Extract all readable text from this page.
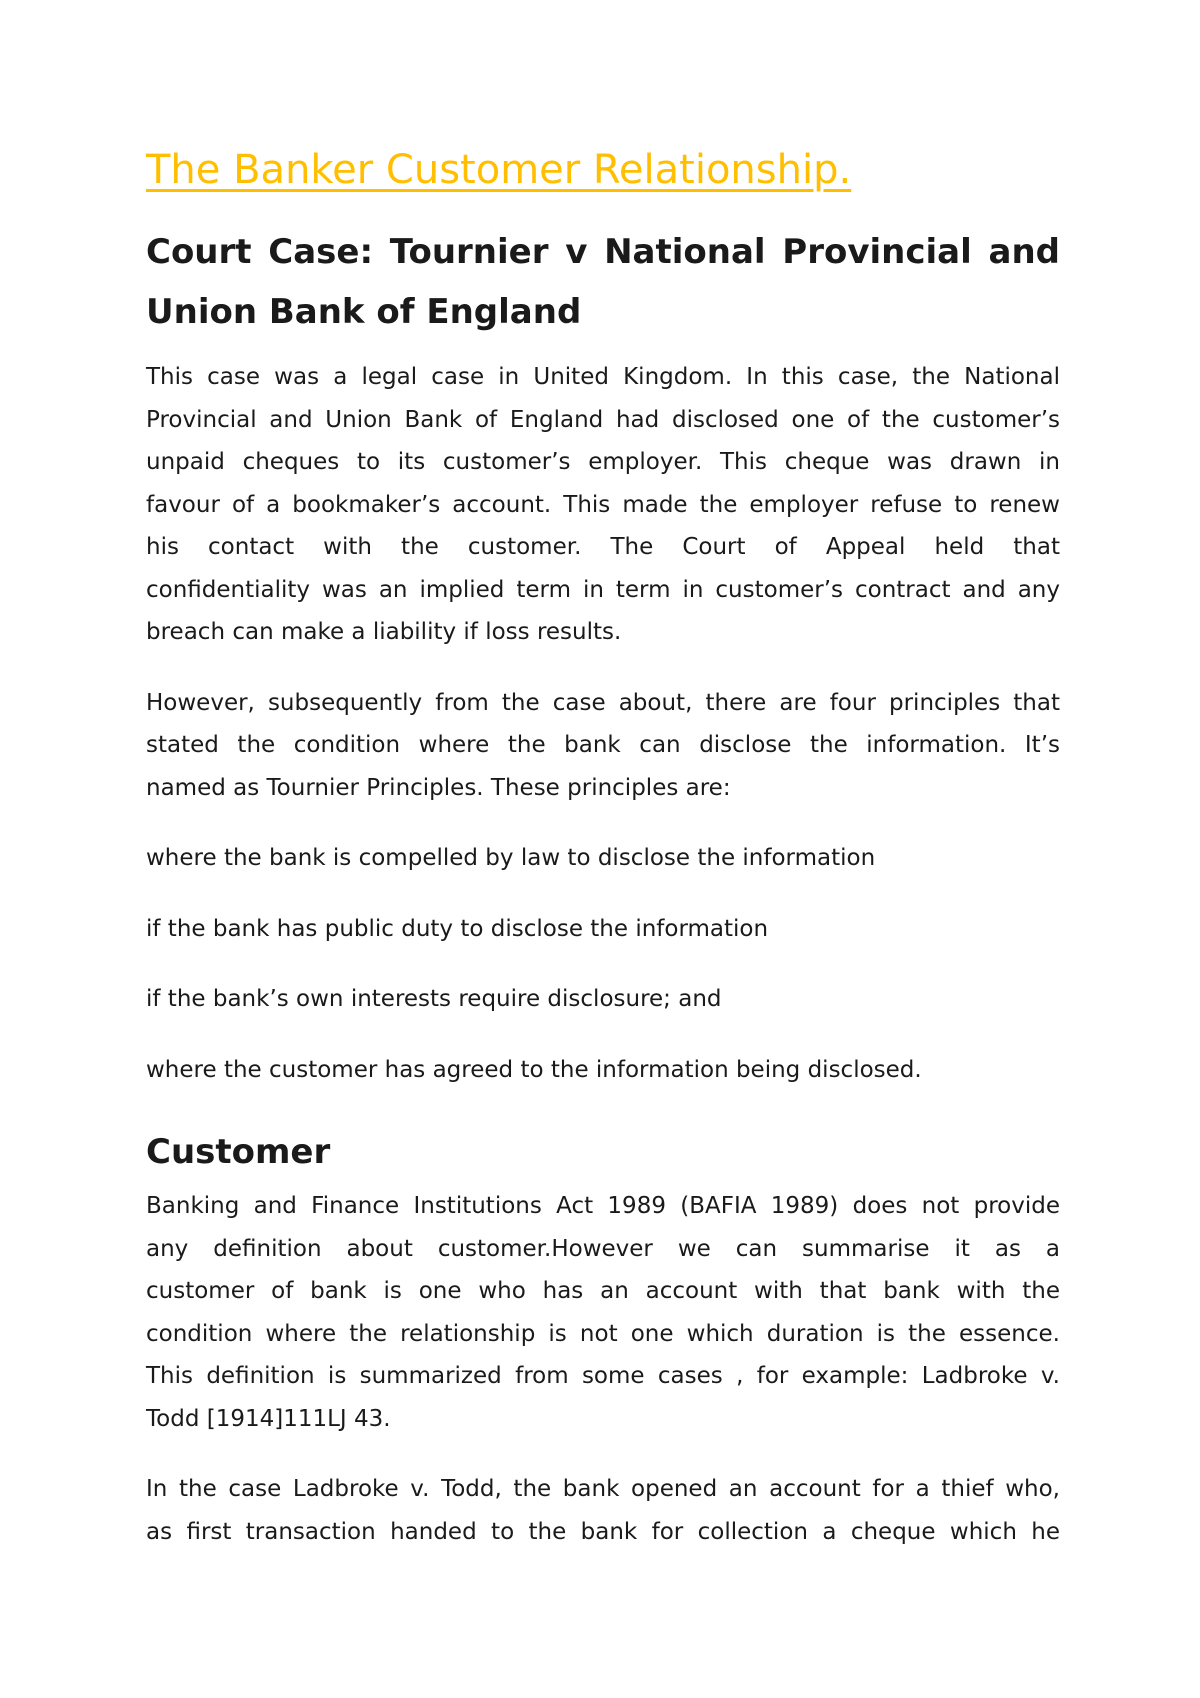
The Banker Customer Relationship.
Court Case: Tournier v National Provincial and
Union Bank of England

This case was a legal case in United Kingdom. In this case, the National
Provincial and Union Bank of England had disclosed one of the customer’s
unpaid cheques to its customer’s employer. This cheque was drawn in
favour of a bookmaker’s account. This made the employer refuse to renew
his contact with the customer. The Court of Appeal held that
confidentiality was an implied term in term in customer’s contract and any
breach can make a liability if loss results.

However, subsequently from the case about, there are four principles that
stated the condition where the bank can disclose the information. It’s
named as Tournier Principles. These principles are:

where the bank is compelled by law to disclose the information

if the bank has public duty to disclose the information

if the bank’s own interests require disclosure; and

where the customer has agreed to the information being disclosed.

Customer

Banking and Finance Institutions Act 1989 (BAFIA 1989) does not provide
any definition about customer.However we can summarise it as a
customer of bank is one who has an account with that bank with the
condition where the relationship is not one which duration is the essence.
This definition is summarized from some cases , for example: Ladbroke v.
Todd [1914]111LJ 43.

In the case Ladbroke v. Todd, the bank opened an account for a thief who,
as first transaction handed to the bank for collection a cheque which he
